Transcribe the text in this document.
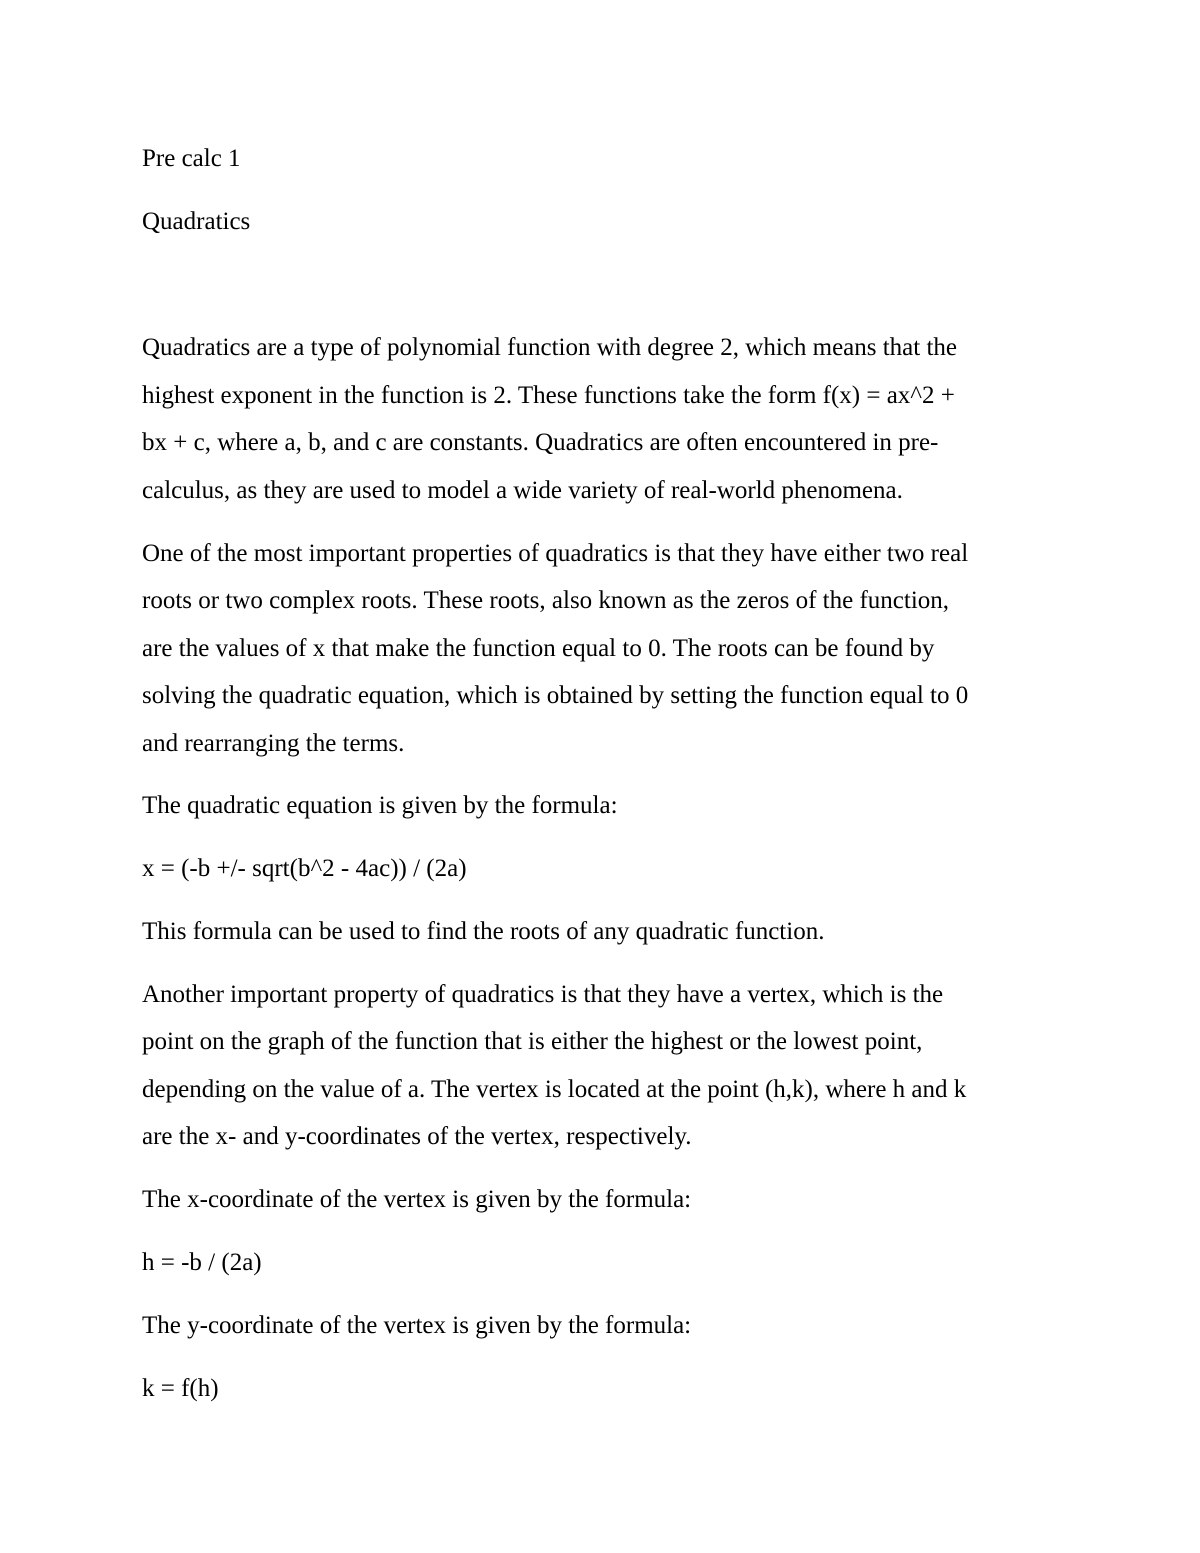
Pre calc 1

Quadratics

Quadratics are a type of polynomial function with degree 2, which means that the

highest exponent in the function is 2. These functions take the form f(x) = ax^2 +

bx + c, where a, b, and c are constants. Quadratics are often encountered in pre-

calculus, as they are used to model a wide variety of real-world phenomena.

One of the most important properties of quadratics is that they have either two real

roots or two complex roots. These roots, also known as the zeros of the function,

are the values of x that make the function equal to 0. The roots can be found by

solving the quadratic equation, which is obtained by setting the function equal to 0

and rearranging the terms.

The quadratic equation is given by the formula:

x = (-b +/- sqrt(b^2 - 4ac)) / (2a)

This formula can be used to find the roots of any quadratic function.

Another important property of quadratics is that they have a vertex, which is the

point on the graph of the function that is either the highest or the lowest point,

depending on the value of a. The vertex is located at the point (h,k), where h and k

are the x- and y-coordinates of the vertex, respectively.

The x-coordinate of the vertex is given by the formula:

h = -b / (2a)

The y-coordinate of the vertex is given by the formula:

k = f(h)
